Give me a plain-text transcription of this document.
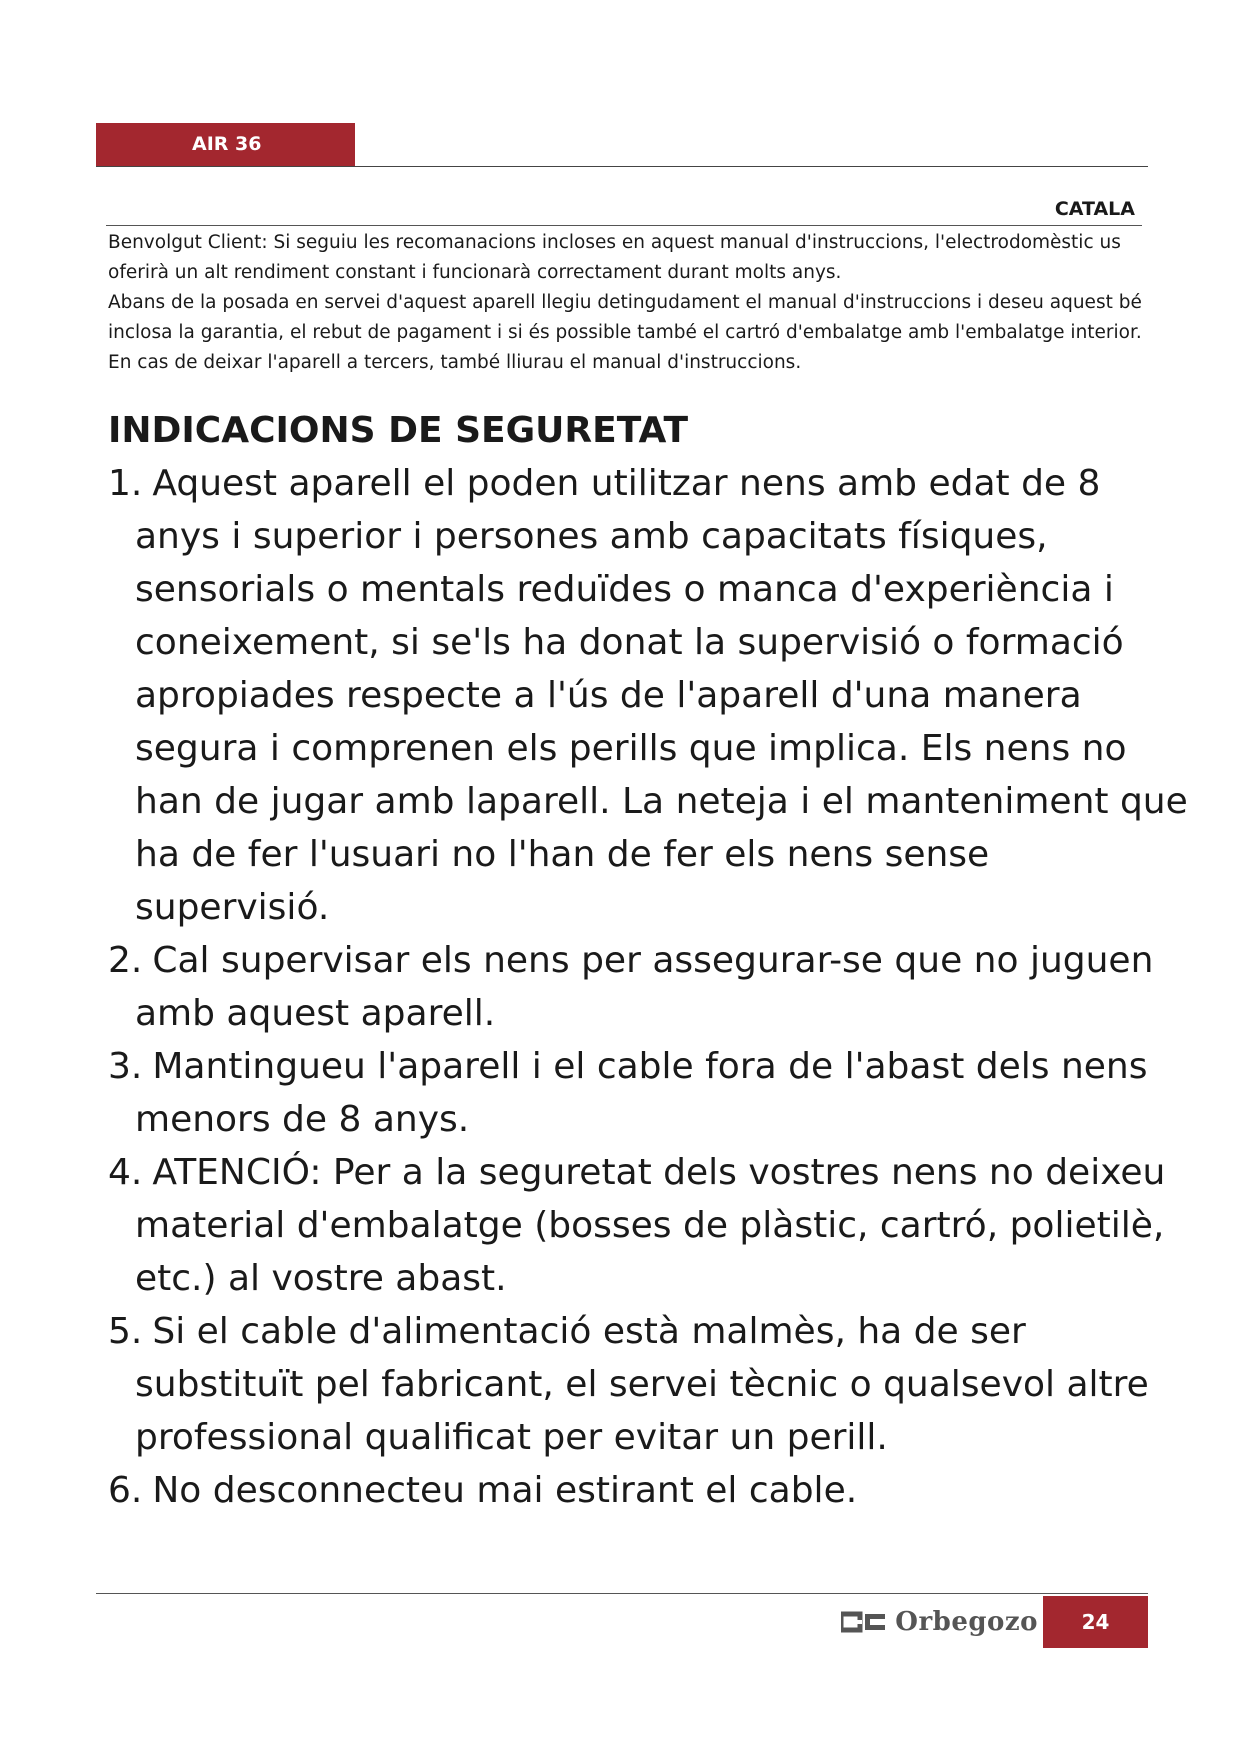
AIR 36
CATALA

Benvolgut Client: Si seguiu les recomanacions incloses en aquest manual d'instruccions, l'electrodomèstic us oferirà un alt rendiment constant i funcionarà correctament durant molts anys.

Abans de la posada en servei d'aquest aparell llegiu detingudament el manual d'instruccions i deseu aquest bé inclosa la garantia, el rebut de pagament i si és possible també el cartró d'embalatge amb l'embalatge interior. En cas de deixar l'aparell a tercers, també lliurau el manual d'instruccions.

INDICACIONS DE SEGURETAT
1. Aquest aparell el poden utilitzar nens amb edat de 8 anys i superior i persones amb capacitats físiques, sensorials o mentals reduïdes o manca d'experiència i coneixement, si se'ls ha donat la supervisió o formació apropiades respecte a l'ús de l'aparell d'una manera segura i comprenen els perills que implica. Els nens no han de jugar amb laparell. La neteja i el manteniment que ha de fer l'usuari no l'han de fer els nens sense supervisió.
2. Cal supervisar els nens per assegurar-se que no juguen amb aquest aparell.
3. Mantingueu l'aparell i el cable fora de l'abast dels nens menors de 8 anys.
4. ATENCIÓ: Per a la seguretat dels vostres nens no deixeu material d'embalatge (bosses de plàstic, cartró, polietilè, etc.) al vostre abast.
5. Si el cable d'alimentació està malmès, ha de ser substituït pel fabricant, el servei tècnic o qualsevol altre professional qualificat per evitar un perill.
6. No desconnecteu mai estirant el cable.
Orbegozo	24
